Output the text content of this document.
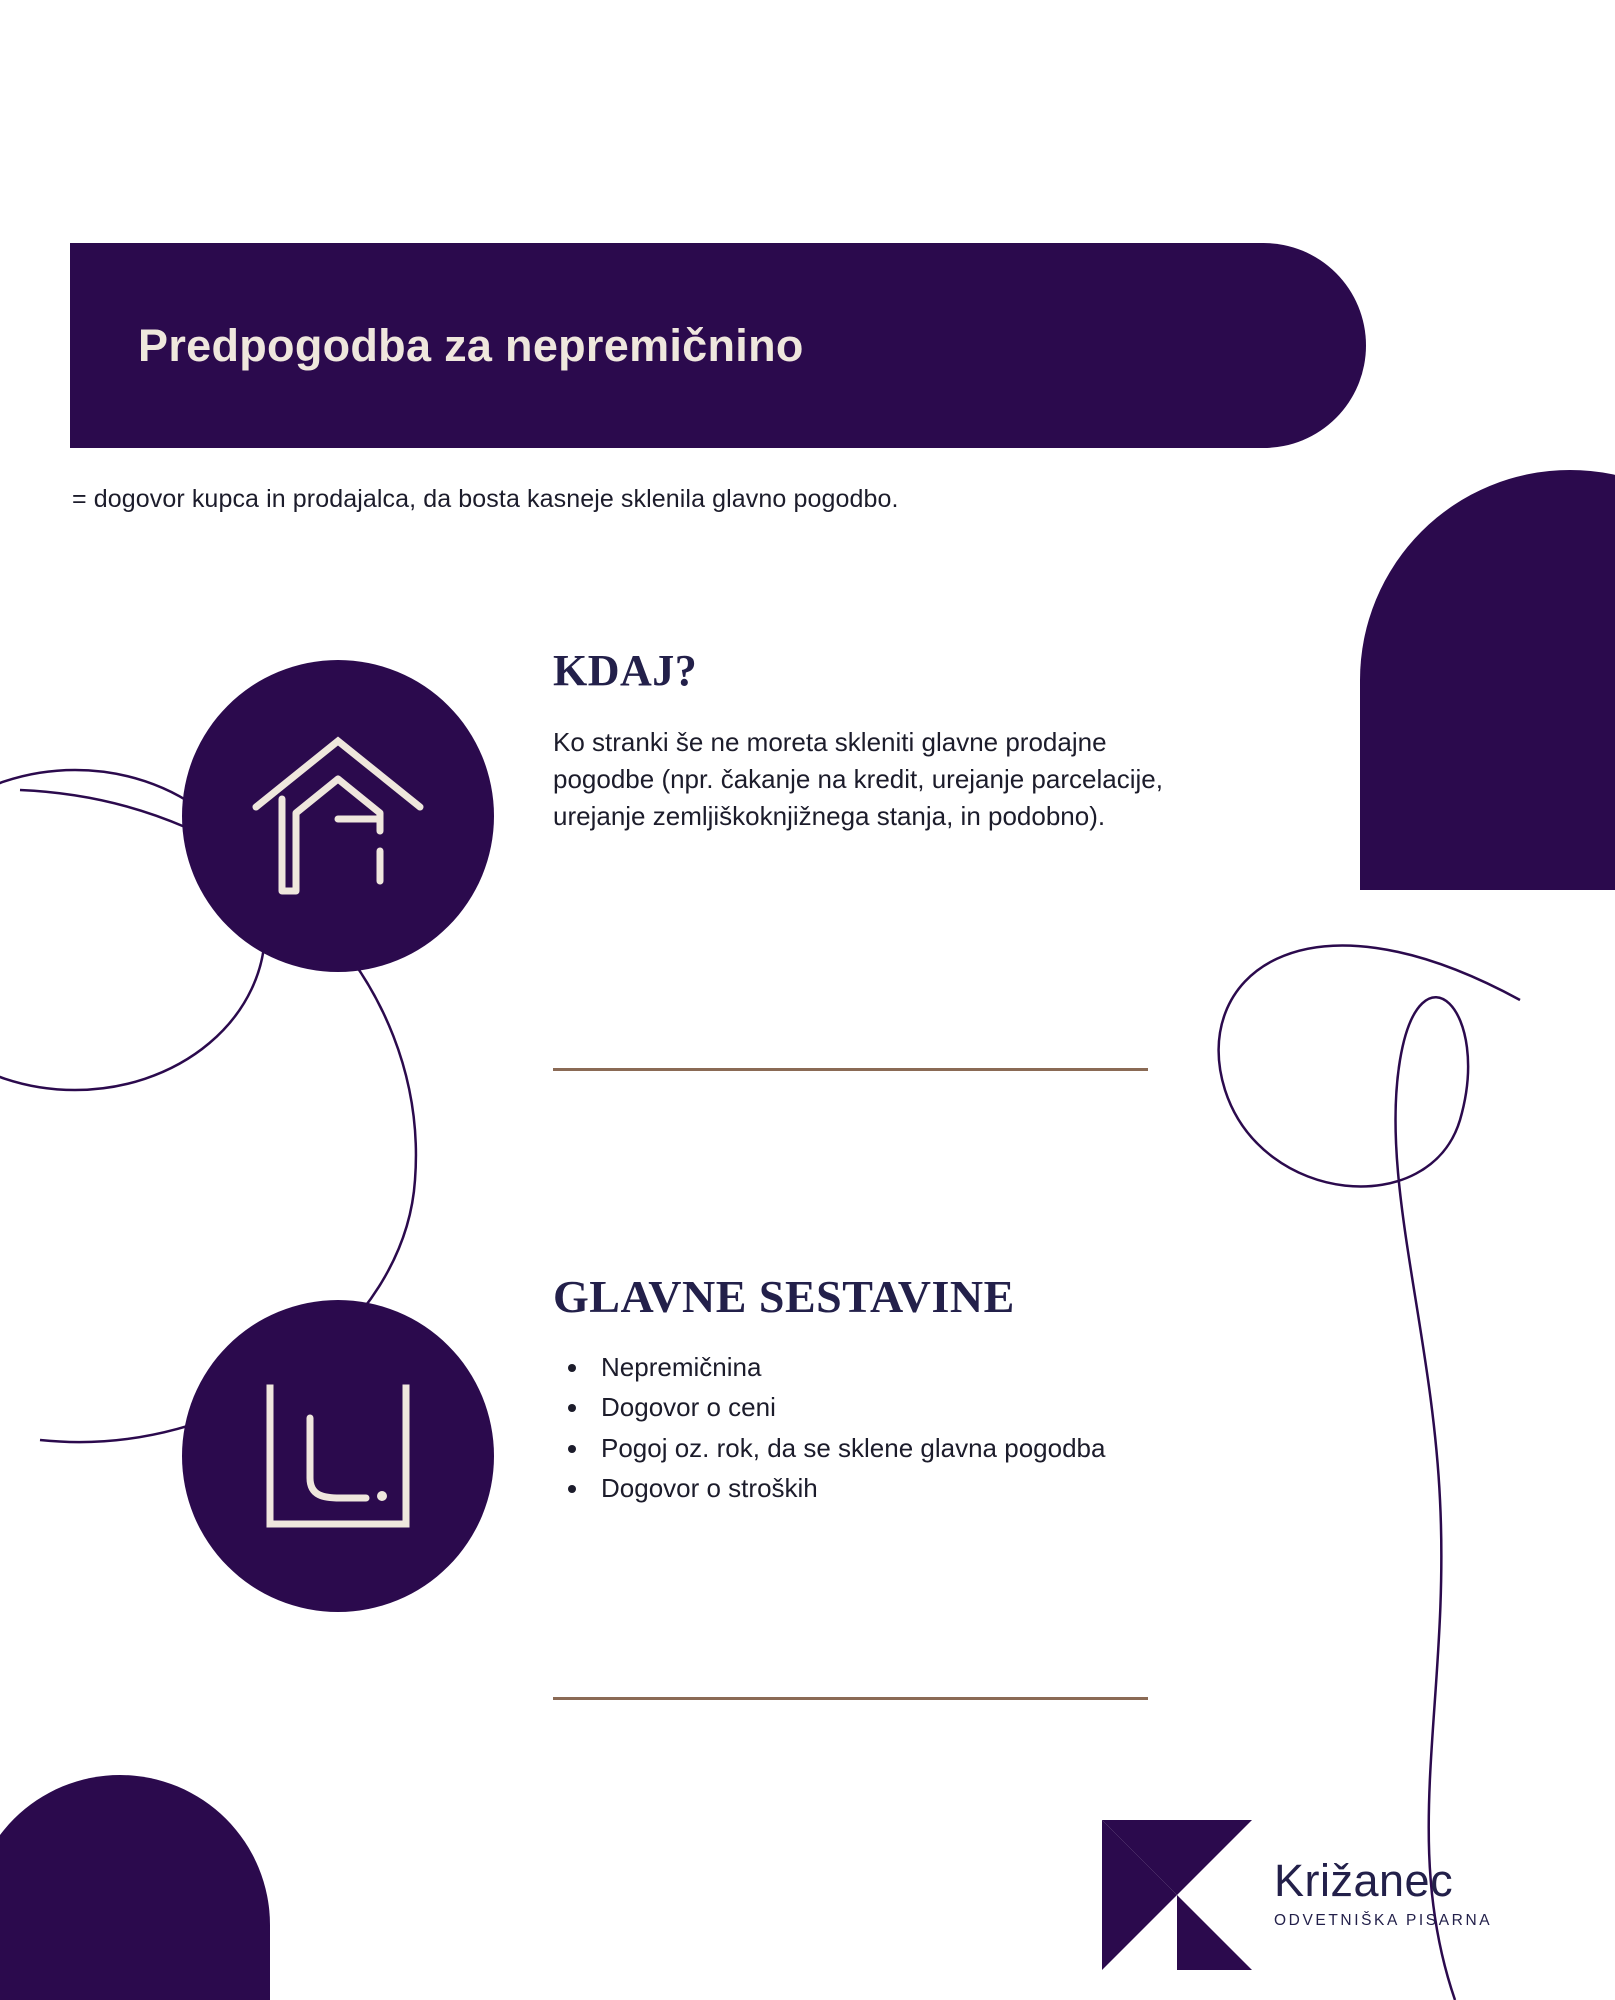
Predpogodba za nepremičnino
= dogovor kupca in prodajalca, da bosta kasneje sklenila glavno pogodbo.
KDAJ?

Ko stranki še ne moreta skleniti glavne prodajne pogodbe (npr. čakanje na kredit, urejanje parcelacije, urejanje zemljiškoknjižnega stanja, in podobno).

GLAVNE SESTAVINE
• Nepremičnina
• Dogovor o ceni
• Pogoj oz. rok, da se sklene glavna pogodba
• Dogovor o stroških
Križanec
ODVETNIŠKA PISARNA
